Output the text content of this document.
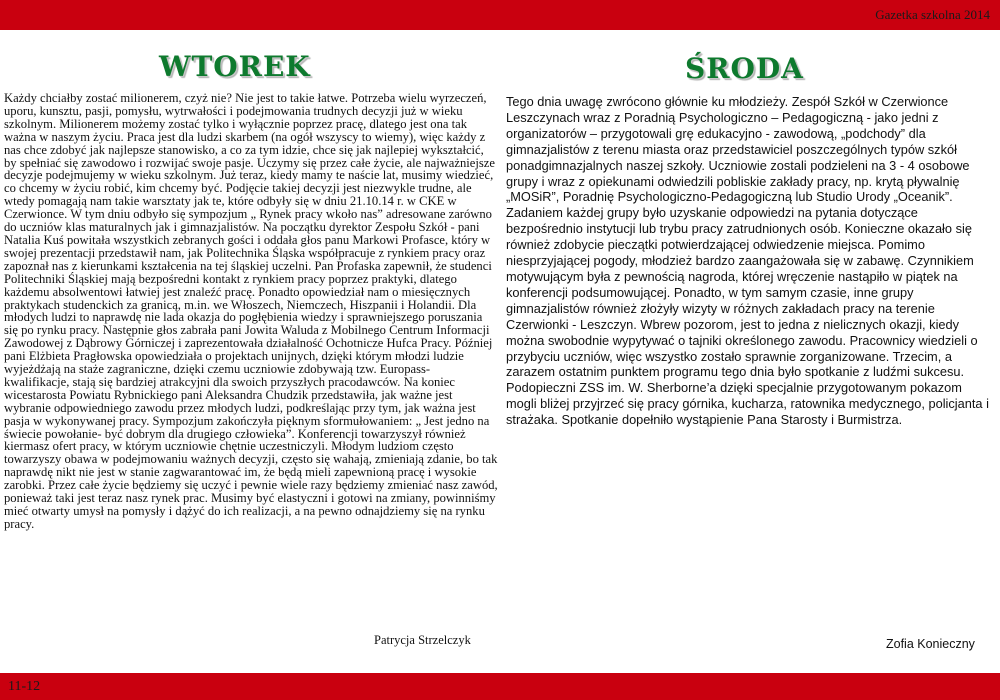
Gazetka szkolna 2014
WTOREK	ŚRODA
Każdy chciałby zostać milionerem, czyż nie? Nie jest to takie łatwe. Potrzeba wielu wyrzeczeń, uporu, kunsztu, pasji, pomysłu, wytrwałości i podejmowania trudnych decyzji już w wieku szkolnym. Milionerem możemy zostać tylko i wyłącznie poprzez pracę, dlatego jest ona tak ważna w naszym życiu. Praca jest dla ludzi skarbem (na ogół wszyscy to wiemy), więc każdy z nas chce zdobyć jak najlepsze stanowisko, a co za tym idzie, chce się jak najlepiej wykształcić, by spełniać się zawodowo i rozwijać swoje pasje. Uczymy się przez całe życie, ale najważniejsze decyzje podejmujemy w wieku szkolnym. Już teraz, kiedy mamy te naście lat, musimy wiedzieć, co chcemy w życiu robić, kim chcemy być. Podjęcie takiej decyzji jest niezwykle trudne, ale wtedy pomagają nam takie warsztaty jak te, które odbyły się w dniu 21.10.14 r. w CKE w Czerwionce. W tym dniu odbyło się sympozjum „ Rynek pracy wkoło nas” adresowane zarówno do uczniów klas maturalnych jak i gimnazjalistów. Na początku dyrektor Zespołu Szkół - pani Natalia Kuś powitała wszystkich zebranych gości i oddała głos panu Markowi Profasce, który w swojej prezentacji przedstawił nam, jak Politechnika Śląska współpracuje z rynkiem pracy oraz zapoznał nas z kierunkami kształcenia na tej śląskiej uczelni. Pan Profaska zapewnił, że studenci Politechniki Śląskiej mają bezpośredni kontakt z rynkiem pracy poprzez praktyki, dlatego każdemu absolwentowi łatwiej jest znaleźć pracę. Ponadto opowiedział nam o miesięcznych praktykach studenckich za granicą, m.in. we Włoszech, Niemczech, Hiszpanii i Holandii. Dla młodych ludzi to naprawdę nie lada okazja do pogłębienia wiedzy i sprawniejszego poruszania się po rynku pracy. Następnie głos zabrała pani Jowita Waluda z Mobilnego Centrum Informacji Zawodowej z Dąbrowy Górniczej i zaprezentowała działalność Ochotnicze Hufca Pracy. Później pani Elżbieta Pragłowska opowiedziała o projektach unijnych, dzięki którym młodzi ludzie wyjeżdżają na staże zagraniczne, dzięki czemu uczniowie zdobywają tzw. Europass- kwalifikacje, stają się bardziej atrakcyjni dla swoich przyszłych pracodawców. Na koniec wicestarosta Powiatu Rybnickiego pani Aleksandra Chudzik przedstawiła, jak ważne jest wybranie odpowiedniego zawodu przez młodych ludzi, podkreślając przy tym, jak ważna jest pasja w wykonywanej pracy. Sympozjum zakończyła pięknym sformułowaniem: „ Jest jedno na świecie powołanie- być dobrym dla drugiego człowieka”. Konferencji towarzyszył również kiermasz ofert pracy, w którym uczniowie chętnie uczestniczyli. Młodym ludziom często towarzyszy obawa w podejmowaniu ważnych decyzji, często się wahają, zmieniają zdanie, bo tak naprawdę nikt nie jest w stanie zagwarantować im, że będą mieli zapewnioną pracę i wysokie zarobki. Przez całe życie będziemy się uczyć i pewnie wiele razy będziemy zmieniać nasz zawód, ponieważ taki jest teraz nasz rynek prac. Musimy być elastyczni i gotowi na zmiany, powinniśmy mieć otwarty umysł na pomysły i dążyć do ich realizacji, a na pewno odnajdziemy się na rynku pracy.
Tego dnia uwagę zwrócono głównie ku młodzieży. Zespół Szkół w Czerwionce Leszczynach wraz z Poradnią Psychologiczno – Pedagogiczną - jako jedni z organizatorów – przygotowali grę edukacyjno - zawodową, „podchody” dla gimnazjalistów z terenu miasta oraz przedstawiciel poszczególnych typów szkół ponadgimnazjalnych naszej szkoły. Uczniowie zostali podzieleni na 3 - 4 osobowe grupy i wraz z opiekunami odwiedzili pobliskie zakłady pracy, np. krytą pływalnię „MOSiR”, Poradnię Psychologiczno-Pedagogiczną lub Studio Urody „Oceanik”. Zadaniem każdej grupy było uzyskanie odpowiedzi na pytania dotyczące bezpośrednio instytucji lub trybu pracy zatrudnionych osób. Konieczne okazało się również zdobycie pieczątki potwierdzającej odwiedzenie miejsca. Pomimo niesprzyjającej pogody, młodzież bardzo zaangażowała się w zabawę. Czynnikiem motywującym była z pewnością nagroda, której wręczenie nastąpiło w piątek na konferencji podsumowującej. Ponadto, w tym samym czasie, inne grupy gimnazjalistów również złożyły wizyty w różnych zakładach pracy na terenie Czerwionki - Leszczyn. Wbrew pozorom, jest to jedna z nielicznych okazji, kiedy można swobodnie wypytywać o tajniki określonego zawodu. Pracownicy wiedzieli o przybyciu uczniów, więc wszystko zostało sprawnie zorganizowane. Trzecim, a zarazem ostatnim punktem programu tego dnia było spotkanie z ludźmi sukcesu. Podopieczni ZSS im. W. Sherborne’a dzięki specjalnie przygotowanym pokazom mogli bliżej przyjrzeć się pracy górnika, kucharza, ratownika medycznego, policjanta i strażaka. Spotkanie dopełniło wystąpienie Pana Starosty i Burmistrza.
Patrycja Strzelczyk	Zofia Konieczny
11-12
